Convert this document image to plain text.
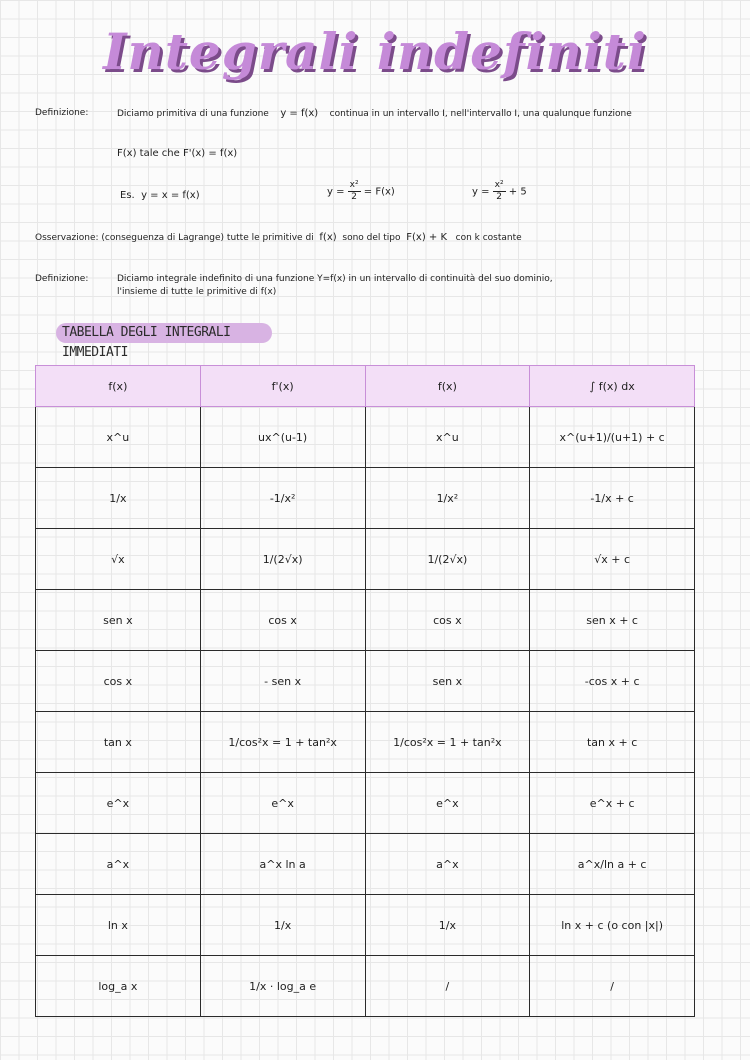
Integrali indefiniti
Definizione:	Diciamo primitiva di una funzione y = f(x) continua in un intervallo I, nell'intervallo I, una qualunque funzione
F(x) tale che F'(x) = f(x)
Es. y = x = f(x)	$y = \frac{\text{x²}}{2} = F(x)$	$y = \frac{\text{x²}}{2} + 5$
Osservazione: (conseguenza di Lagrange) tutte le primitive di f(x) sono del tipo F(x) + K con k costante
Definizione:	Diciamo integrale indefinito di una funzione Y=f(x) in un intervallo di continuità del suo dominio,
l'insieme di tutte le primitive di f(x)
TABELLA DEGLI INTEGRALI IMMEDIATI
f(x)	f'(x)	f(x)	∫ f(x) dx
x^u	ux^(u-1)	x^u	x^(u+1)/(u+1) + c
1/x	-1/x²	1/x²	-1/x + c
√x	1/(2√x)	1/(2√x)	√x + c
sen x	cos x	cos x	sen x + c
cos x	- sen x	sen x	-cos x + c
tan x	1/cos²x = 1 + tan²x	1/cos²x = 1 + tan²x	tan x + c
e^x	e^x	e^x	e^x + c
a^x	a^x ln a	a^x	a^x/ln a + c
ln x	1/x	1/x	ln x + c (o con |x|)
log_a x	1/x · log_a e	/	/
